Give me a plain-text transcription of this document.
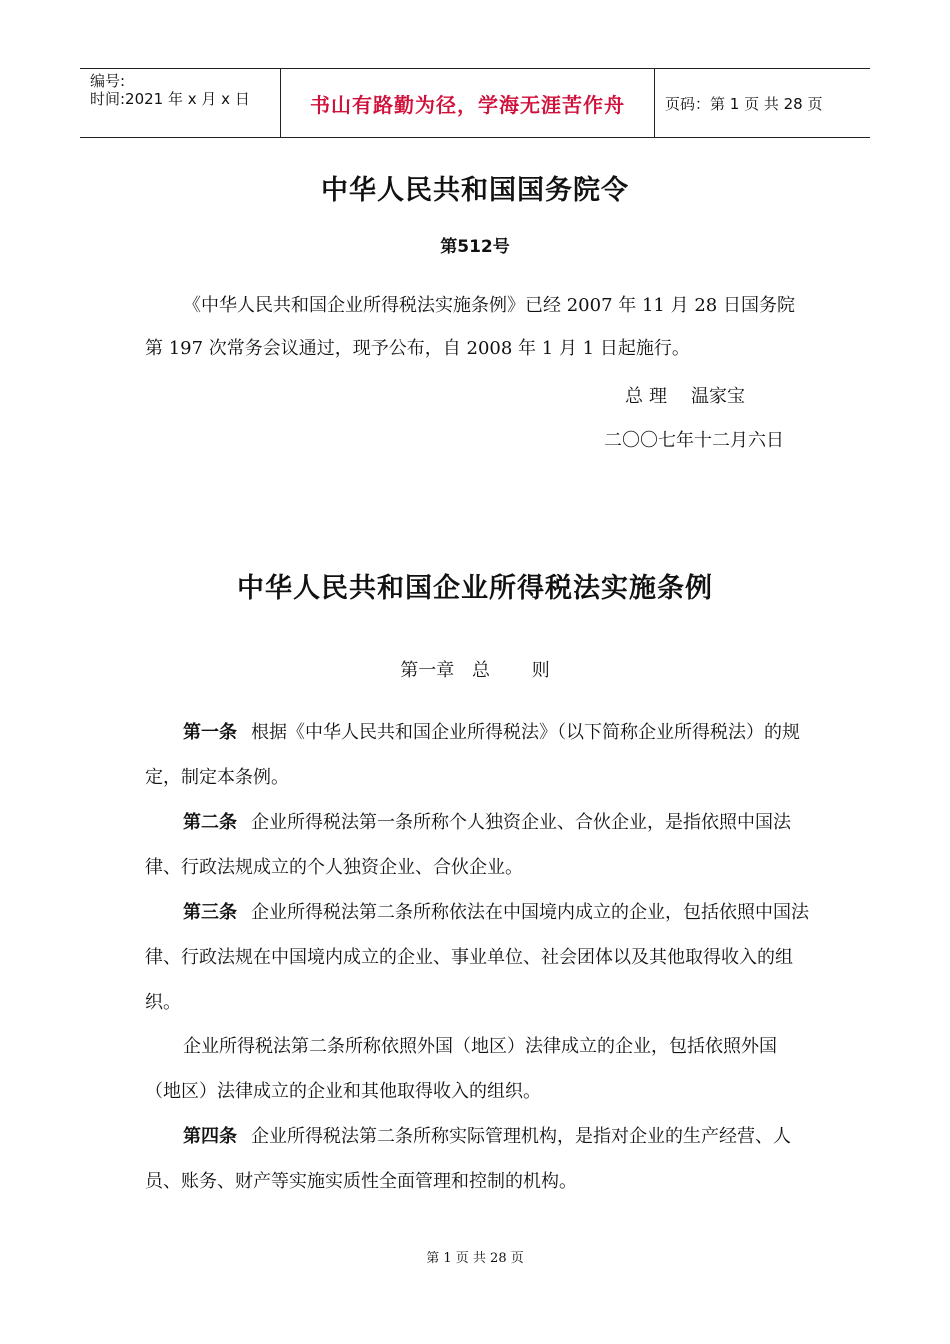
编号:
时间:2021 年 x 月 x 日	书山有路勤为径，学海无涯苦作舟	页码：第 1 页 共 28 页
中华人民共和国国务院令
第512号

《中华人民共和国企业所得税法实施条例》已经 2007 年 11 月 28 日国务院
第 197 次常务会议通过，现予公布，自 2008 年 1 月 1 日起施行。

总 理 温家宝
二〇〇七年十二月六日
中华人民共和国企业所得税法实施条例
第一章 总 则

第一条 根据《中华人民共和国企业所得税法》（以下简称企业所得税法）的规定，制定本条例。

第二条 企业所得税法第一条所称个人独资企业、合伙企业，是指依照中国法律、行政法规成立的个人独资企业、合伙企业。

第三条 企业所得税法第二条所称依法在中国境内成立的企业，包括依照中国法律、行政法规在中国境内成立的企业、事业单位、社会团体以及其他取得收入的组织。

企业所得税法第二条所称依照外国（地区）法律成立的企业，包括依照外国（地区）法律成立的企业和其他取得收入的组织。

第四条 企业所得税法第二条所称实际管理机构，是指对企业的生产经营、人员、账务、财产等实施实质性全面管理和控制的机构。

第 1 页 共 28 页
